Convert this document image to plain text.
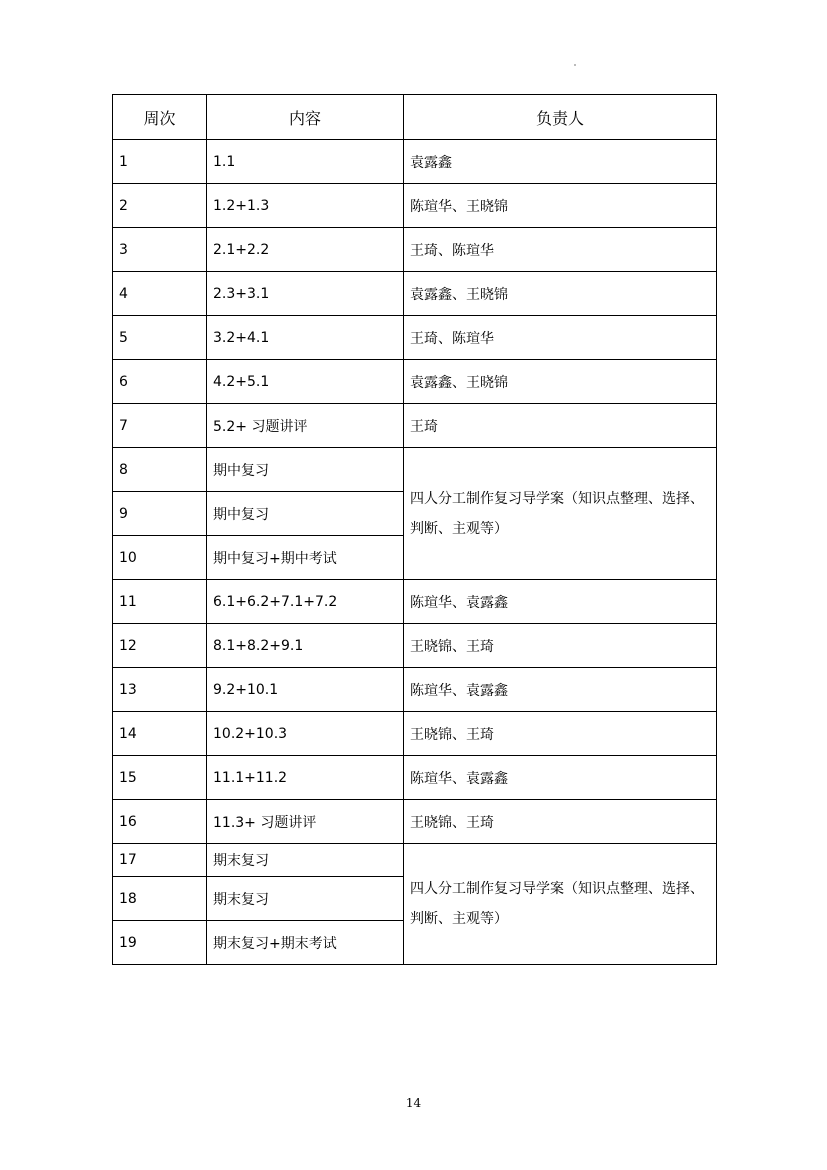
周次	内容	负责人
1	1.1	袁露鑫
2	1.2+1.3	陈瑄华、王晓锦
3	2.1+2.2	王琦、陈瑄华
4	2.3+3.1	袁露鑫、王晓锦
5	3.2+4.1	王琦、陈瑄华
6	4.2+5.1	袁露鑫、王晓锦
7	5.2+ 习题讲评	王琦
8	期中复习	四人分工制作复习导学案（知识点整理、选择、判断、主观等）
9	期中复习	
10	期中复习+期中考试	
11	6.1+6.2+7.1+7.2	陈瑄华、袁露鑫
12	8.1+8.2+9.1	王晓锦、王琦
13	9.2+10.1	陈瑄华、袁露鑫
14	10.2+10.3	王晓锦、王琦
15	11.1+11.2	陈瑄华、袁露鑫
16	11.3+ 习题讲评	王晓锦、王琦
17	期末复习	四人分工制作复习导学案（知识点整理、选择、判断、主观等）
18	期末复习	
19	期末复习+期末考试	
14
